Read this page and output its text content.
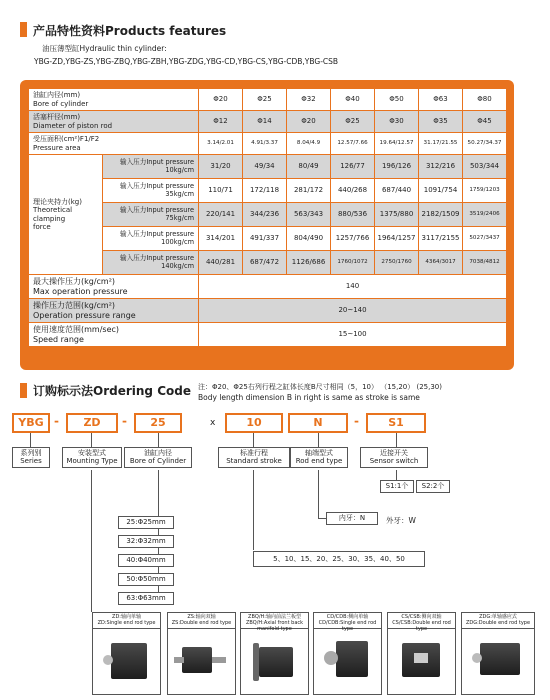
产品特性资料Products features
油压薄型缸Hydraulic thin cylinder:
YBG-ZD,YBG-ZS,YBG-ZBQ,YBG-ZBH,YBG-ZDG,YBG-CD,YBG-CS,YBG-CDB,YBG-CSB
油缸内径(mm)
Bore of cylinder		Φ20	Φ25	Φ32	Φ40	Φ50	Φ63	Φ80
活塞杆径(mm)
Diameter of piston rod		Φ12	Φ14	Φ20	Φ25	Φ30	Φ35	Φ45
受压面积(cm²)F1/F2
Pressure area		3.14/2.01	4.91/3.37	8.04/4.9	12.57/7.66	19.64/12.57	31.17/21.55	50.27/34.37
理论夹持力(kg)
Theoretical
clamping
force	输入压力Input pressure
10kg/cm	31/20	49/34	80/49	126/77	196/126	312/216	503/344
	输入压力Input pressure
35kg/cm	110/71	172/118	281/172	440/268	687/440	1091/754	1759/1203
	输入压力Input pressure
75kg/cm	220/141	344/236	563/343	880/536	1375/880	2182/1509	3519/2406
	输入压力Input pressure
100kg/cm	314/201	491/337	804/490	1257/766	1964/1257	3117/2155	5027/3437
	输入压力Input pressure
140kg/cm	440/281	687/472	1126/686	1760/1072	2750/1760	4364/3017	7038/4812
最大操作压力(kg/cm²)
Max operation pressure		140						
操作压力范围(kg/cm²)
Operation pressure range		20~140						
使用速度范围(mm/sec)
Speed range		15~100						
订购标示法Ordering Code 注：Φ20、Φ25右列行程之缸体长度B尺寸相同（5，10） （15,20） (25,30)
Body length dimension B in right is same as stroke is same
YBG -	ZD	-	25	x	10	N	-	S1
系列别
Series
安装型式
Mounting Type
油缸内径
Bore of Cylinder
标准行程
Standard stroke
轴端型式
Rod end type
近接开关
Sensor switch
S1:1个	S2:2个
内牙：N	外牙：W
25:Φ25mm
32:Φ32mm
40:Φ40mm
50:Φ50mm
63:Φ63mm
5、10、15、20、25、30、35、40、50
ZD:轴向单轴
ZD:Single end rod type
ZS:轴向双轴
ZS:Double end rod type
ZBQ/H:轴向前法兰板型
ZBQ/H:Axial front back manifold type
CD/CDB:侧向单轴
CD/CDB:Single end rod type
CS/CSB:侧向双轴
CS/CSB:Double end rod type
ZDG:单轴感应式
ZDG:Double end rod type
